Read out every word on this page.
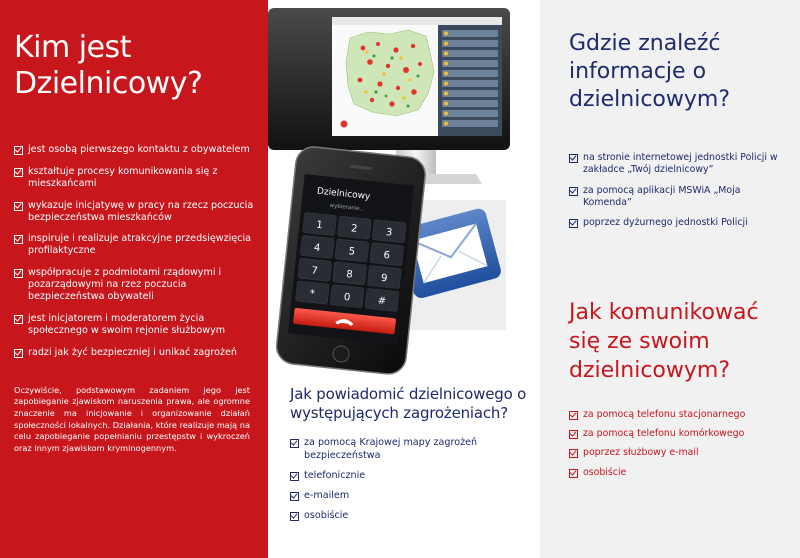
Kim jest
Dzielnicowy?
jest osobą pierwszego kontaktu z obywatelem
kształtuje procesy komunikowania się z mieszkańcami
wykazuje inicjatywę w pracy na rzecz poczucia bezpieczeństwa mieszkańców
inspiruje i realizuje atrakcyjne przedsięwzięcia profilaktyczne
współpracuje z podmiotami rządowymi i pozarządowymi na rzez poczucia bezpieczeństwa obywateli
jest inicjatorem i moderatorem życia społecznego w swoim rejonie służbowym
radzi jak żyć bezpieczniej i unikać zagrożeń

Oczywiście, podstawowym zadaniem jego jest zapobieganie zjawiskom naruszenia prawa, ale ogromne znaczenie ma inicjowanie i organizowanie działań społeczności lokalnych. Działania, które realizuje mają na celu zapobieganie popełnianiu przestępstw i wykroczeń oraz innym zjawiskom kryminogennym.

Dzielnicowy
wybieranie...
1	2	3
4	5	6
7	8	9
*	0	#
Jak powiadomić dzielnicowego o występujących zagrożeniach?
za pomocą Krajowej mapy zagrożeń bezpieczeństwa
telefonicznie
e-mailem
osobiście
Gdzie znaleźć informacje o dzielnicowym?
na stronie internetowej jednostki Policji w zakładce „Twój dzielnicowy”
za pomocą aplikacji MSWiA „Moja Komenda”
poprzez dyżurnego jednostki Policji
Jak komunikować się ze swoim dzielnicowym?
za pomocą telefonu stacjonarnego
za pomocą telefonu komórkowego
poprzez służbowy e-mail
osobiście
